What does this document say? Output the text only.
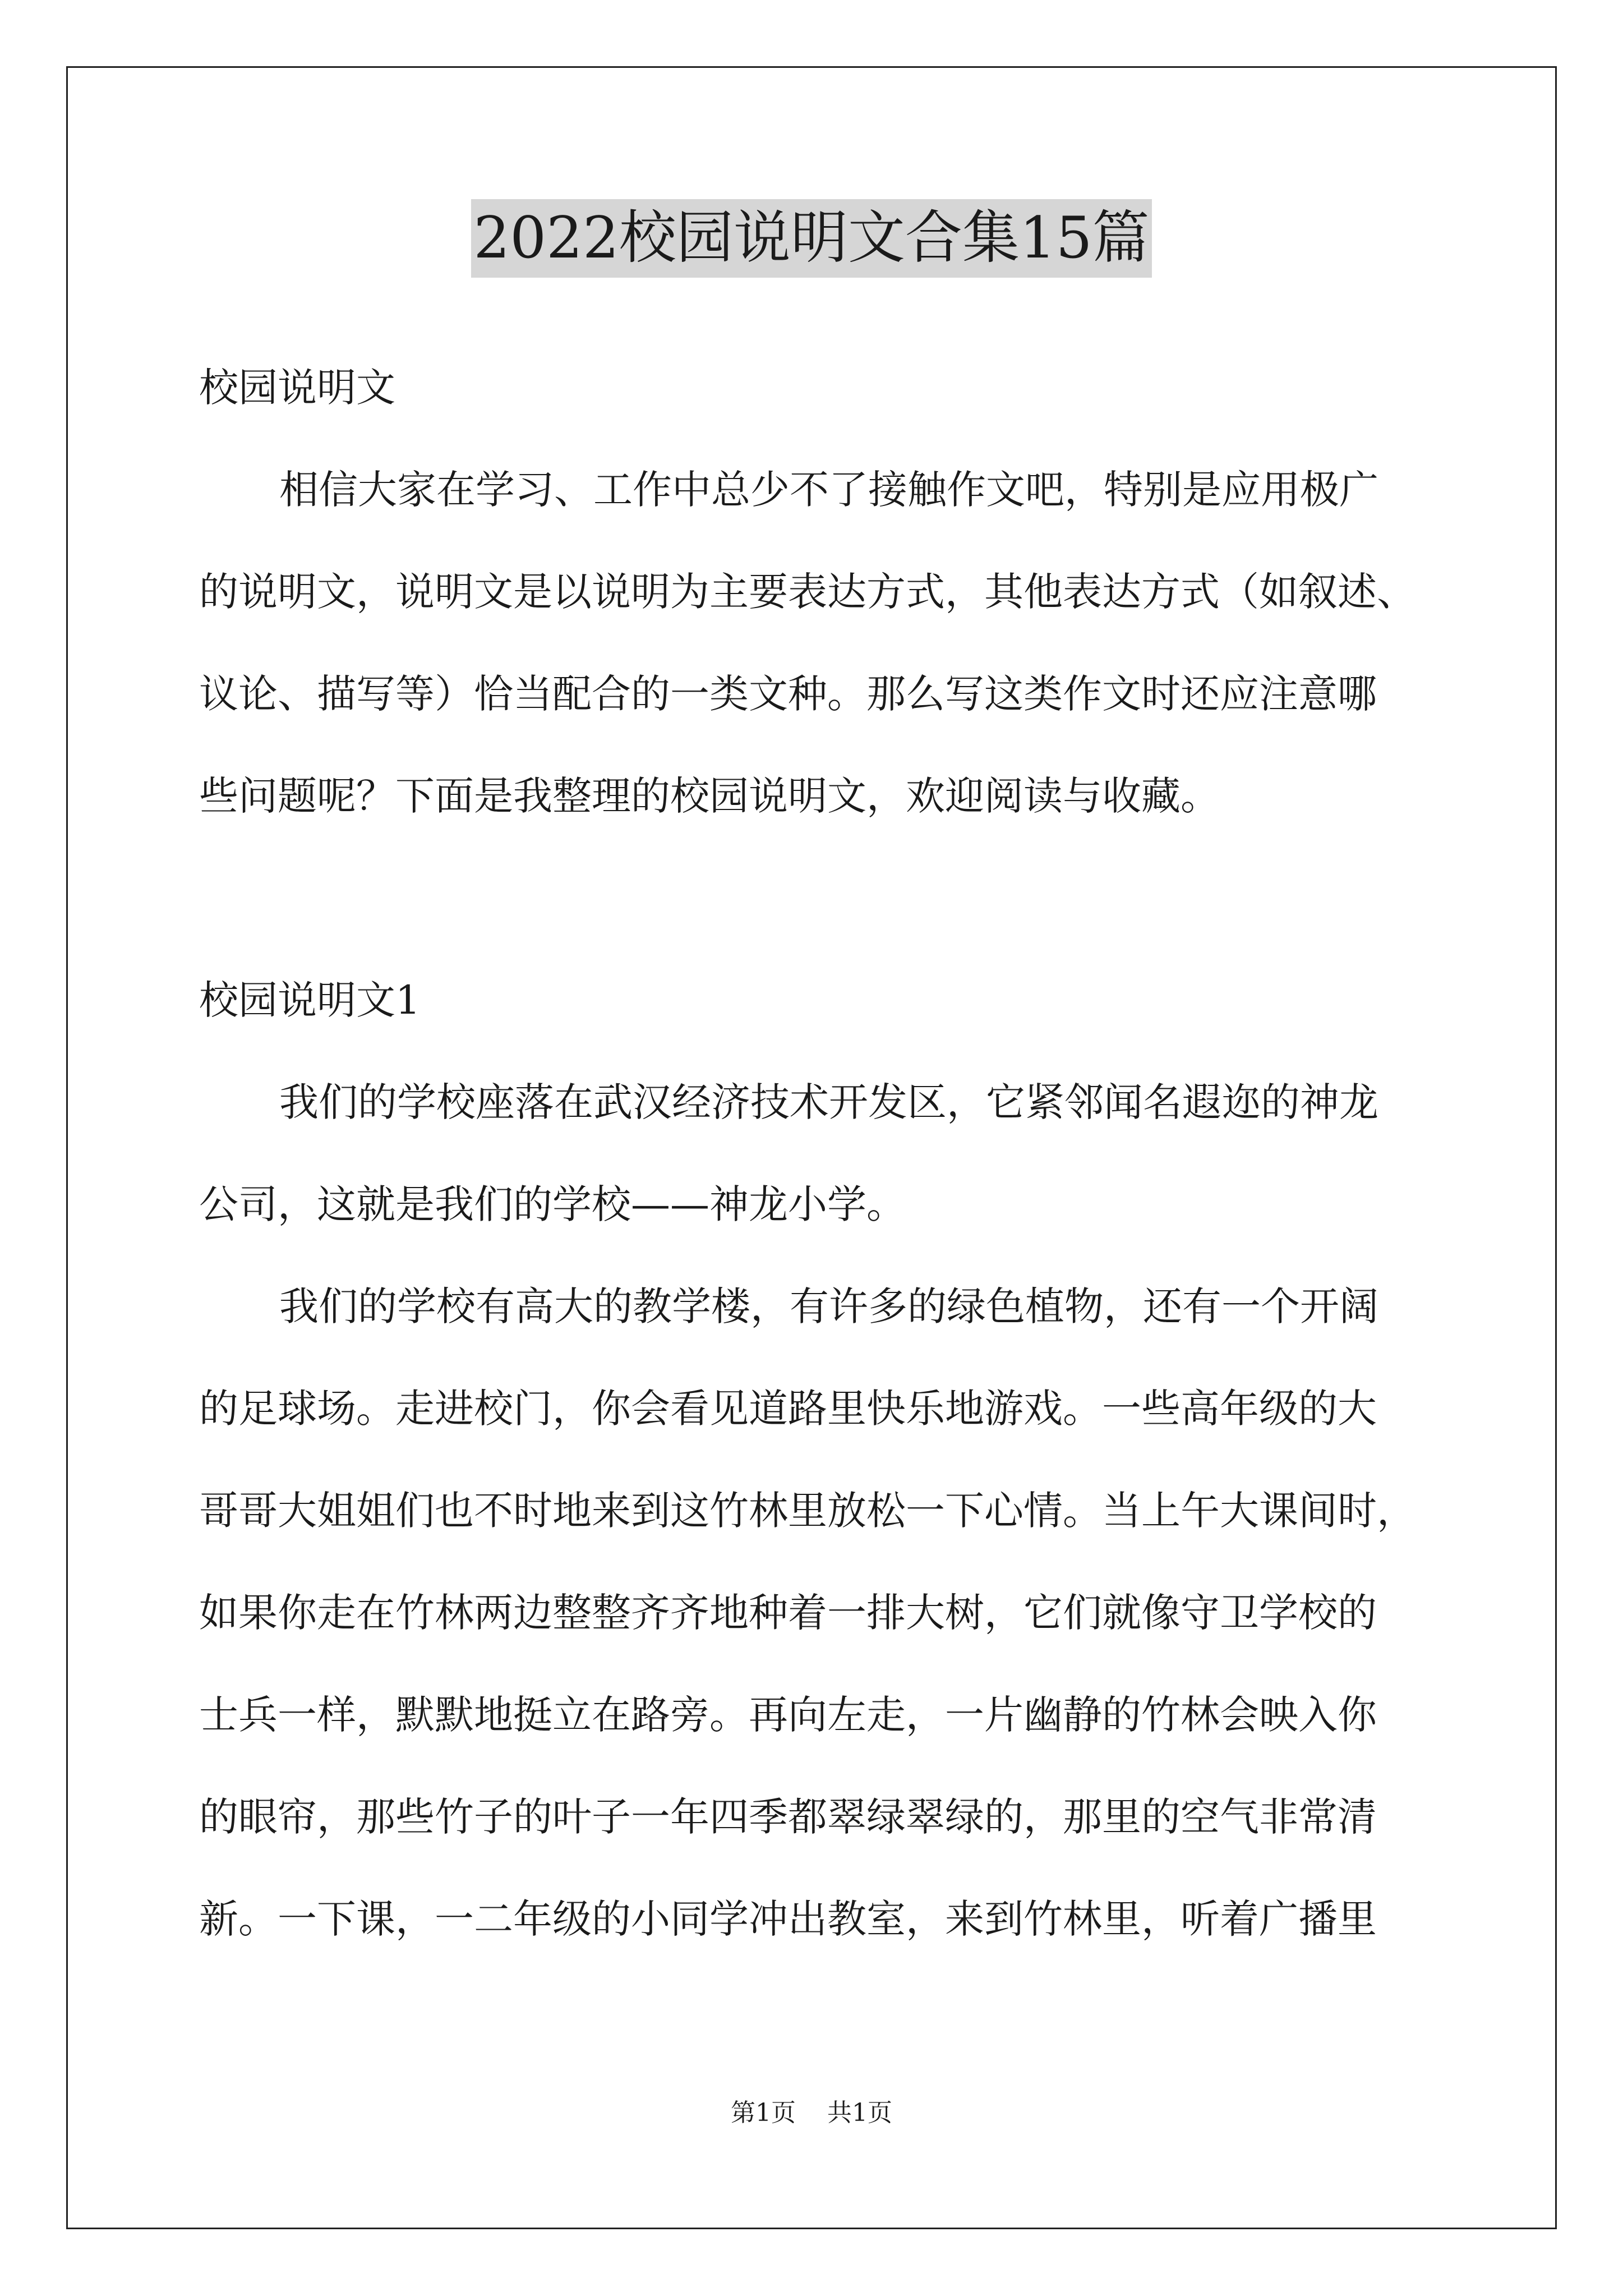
2022校园说明文合集15篇
校园说明文
相信大家在学习、工作中总少不了接触作文吧，特别是应用极广
的说明文，说明文是以说明为主要表达方式，其他表达方式（如叙述、
议论、描写等）恰当配合的一类文种。那么写这类作文时还应注意哪
些问题呢？下面是我整理的校园说明文，欢迎阅读与收藏。
校园说明文1
我们的学校座落在武汉经济技术开发区，它紧邻闻名遐迩的神龙
公司，这就是我们的学校——神龙小学。
我们的学校有高大的教学楼，有许多的绿色植物，还有一个开阔
的足球场。走进校门，你会看见道路里快乐地游戏。一些高年级的大
哥哥大姐姐们也不时地来到这竹林里放松一下心情。当上午大课间时，
如果你走在竹林两边整整齐齐地种着一排大树，它们就像守卫学校的
士兵一样，默默地挺立在路旁。再向左走，一片幽静的竹林会映入你
的眼帘，那些竹子的叶子一年四季都翠绿翠绿的，那里的空气非常清
新。一下课，一二年级的小同学冲出教室，来到竹林里，听着广播里
第1页 共1页
